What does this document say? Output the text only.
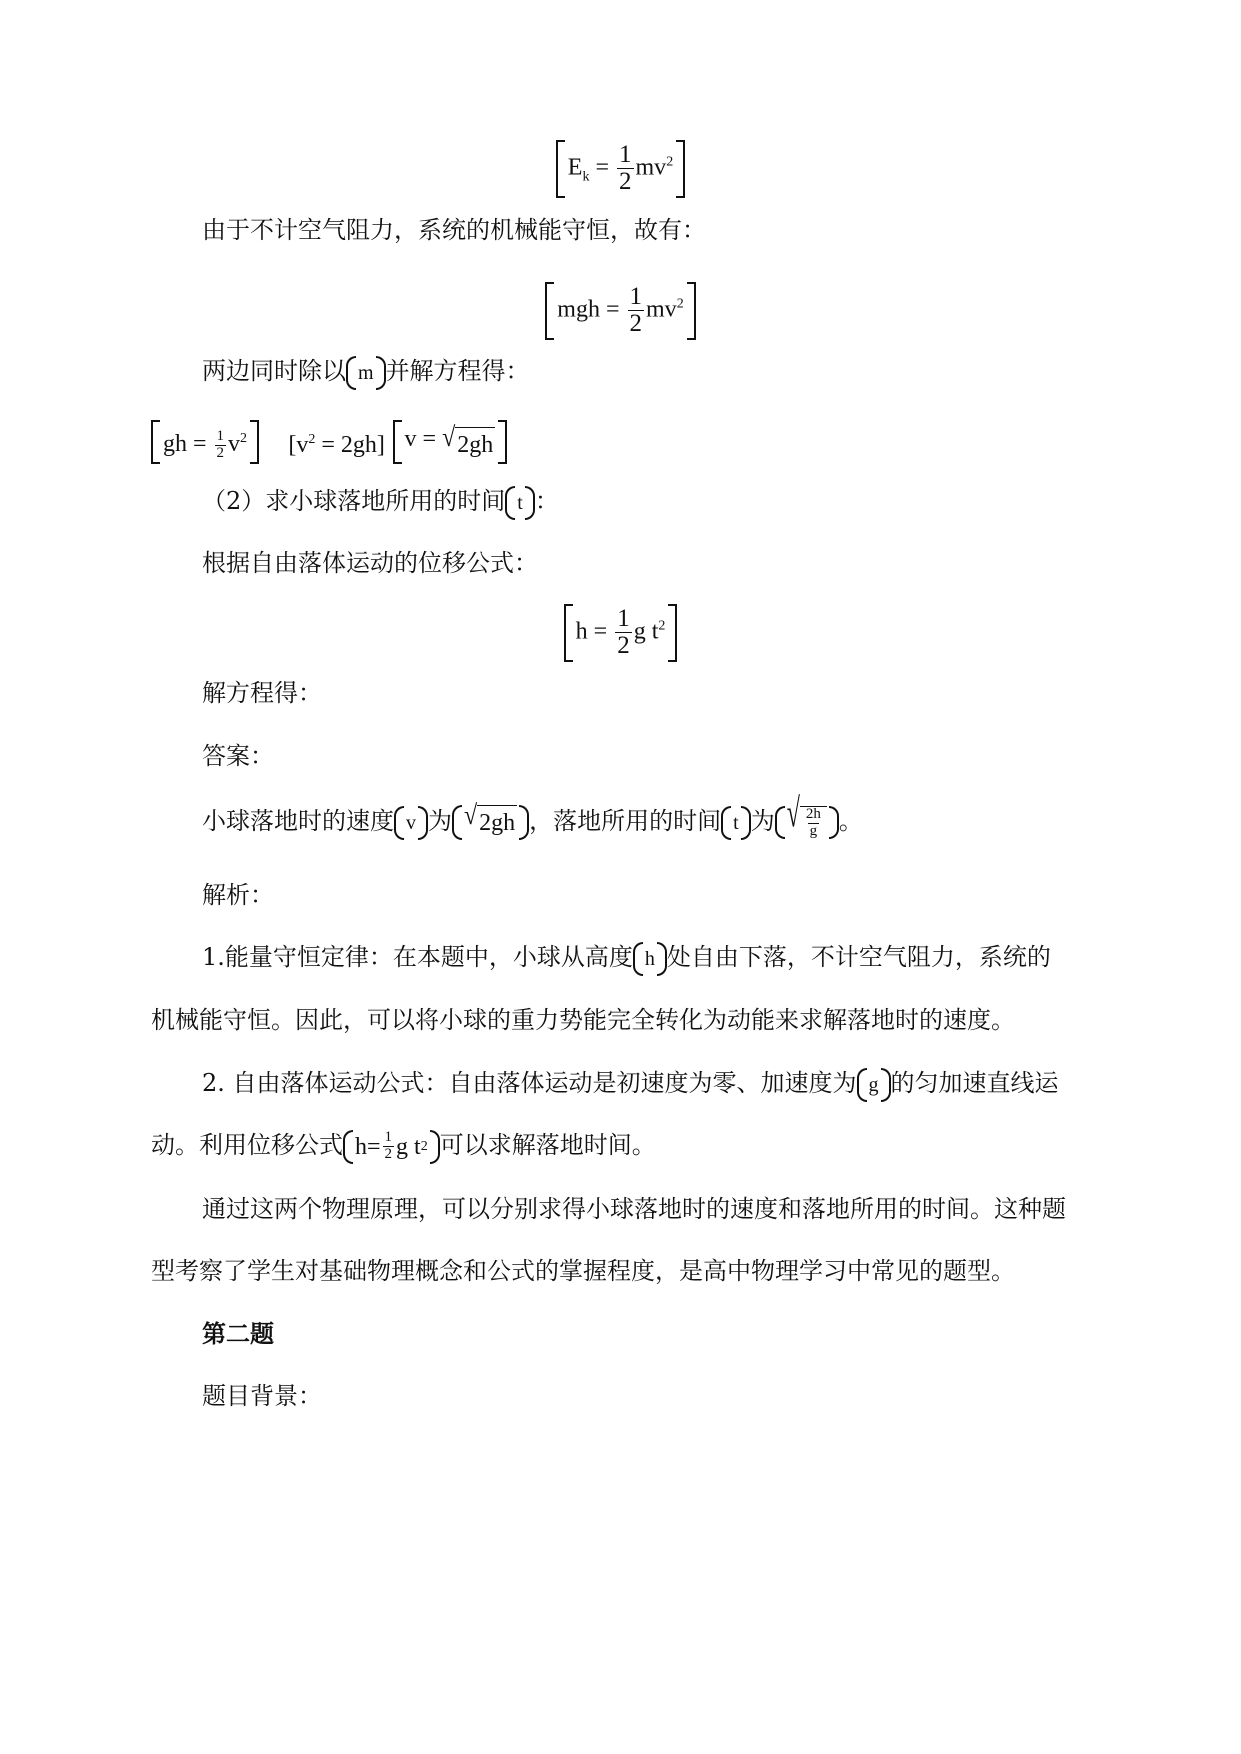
$E_k = \frac{1}{2} mv^2$
由于不计空气阻力，系统的机械能守恒，故有：
mgh = $\frac{1}{2} mv^2$
两边同时除以 m 并解方程得：
gh = $\frac{1}{2} v^2$ $[v^2 = 2gh] v$ = √ 2gh
（2）求小球落地所用的时间 t ：
根据自由落体运动的位移公式：
$h = \frac{1}{2}$ g $t^2$
解方程得：
答案：
小球落地时的速度 v 为 √ 2gh ，落地所用的时间 t 为 √ $\frac{2h}{g}$ 。
解析：
1.能量守恒定律：在本题中，小球从高度 h 处自由下落，不计空气阻力，系统的
机械能守恒。因此，可以将小球的重力势能完全转化为动能来求解落地时的速度。
2. 自由落体运动公式：自由落体运动是初速度为零、加速度为 g 的匀加速直线运
动。利用位移公式 $h = \frac{1}{2}$ g t 2 可以求解落地时间。
通过这两个物理原理，可以分别求得小球落地时的速度和落地所用的时间。这种题
型考察了学生对基础物理概念和公式的掌握程度，是高中物理学习中常见的题型。
第二题
题目背景：
